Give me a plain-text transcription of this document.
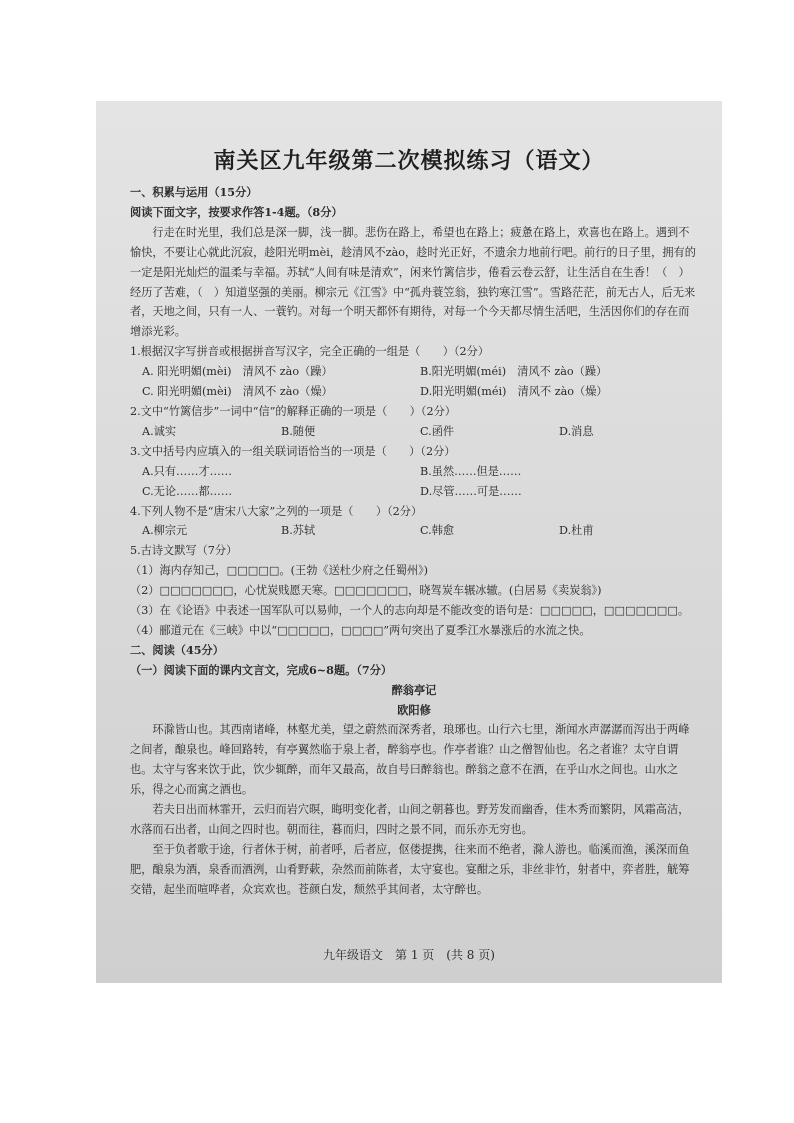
南关区九年级第二次模拟练习（语文）
一、积累与运用（15分）
阅读下面文字，按要求作答1-4题。（8分）
行走在时光里，我们总是深一脚，浅一脚。悲伤在路上，希望也在路上；疲惫在路上，欢喜也在路上。遇到不愉快，不要让心就此沉寂，趁阳光明mèi，趁清风不zào，趁时光正好，不遗余力地前行吧。前行的日子里，拥有的一定是阳光灿烂的温柔与幸福。苏轼“人间有味是清欢”，闲来竹篱信步，倦看云卷云舒，让生活自在生香！（　）经历了苦难，（　）知道坚强的美丽。柳宗元《江雪》中“孤舟蓑笠翁，独钓寒江雪”。雪路茫茫，前无古人，后无来者，天地之间，只有一人、一蓑钓。对每一个明天都怀有期待，对每一个今天都尽情生活吧，生活因你们的存在而增添光彩。
1.根据汉字写拼音或根据拼音写汉字，完全正确的一组是（　　）（2分）
A. 阳光明媚(mèi)　清风不 zào（躁）	B.阳光明媚(méi)　清风不 zào（躁）
C. 阳光明媚(mèi)　清风不 zào（燥）	D.阳光明媚(méi)　清风不 zào（燥）
2.文中“竹篱信步”一词中“信”的解释正确的一项是（　　）（2分）
A.诚实	B.随便	C.函件	D.消息
3.文中括号内应填入的一组关联词语恰当的一项是（　　）（2分）
A.只有……才……	B.虽然……但是……
C.无论……都……	D.尽管……可是……
4.下列人物不是“唐宋八大家”之列的一项是（　　）（2分）
A.柳宗元	B.苏轼	C.韩愈	D.杜甫
5.古诗文默写（7分）
（1）海内存知己，□□□□□。(王勃《送杜少府之任蜀州》)
（2）□□□□□□□，心忧炭贱愿天寒。□□□□□□□，晓驾炭车辗冰辙。(白居易《卖炭翁》)
（3）在《论语》中表述一国军队可以易帅，一个人的志向却是不能改变的语句是：□□□□□，□□□□□□□。
（4）郦道元在《三峡》中以“□□□□□，□□□□”两句突出了夏季江水暴涨后的水流之快。
二、阅读（45分）
（一）阅读下面的课内文言文，完成6~8题。（7分）
醉翁亭记
欧阳修
环滁皆山也。其西南诸峰，林壑尤美，望之蔚然而深秀者，琅琊也。山行六七里，渐闻水声潺潺而泻出于两峰之间者，酿泉也。峰回路转，有亭翼然临于泉上者，醉翁亭也。作亭者谁？山之僧智仙也。名之者谁？太守自谓也。太守与客来饮于此，饮少辄醉，而年又最高，故自号曰醉翁也。醉翁之意不在酒，在乎山水之间也。山水之乐，得之心而寓之酒也。
若夫日出而林霏开，云归而岩穴暝，晦明变化者，山间之朝暮也。野芳发而幽香，佳木秀而繁阴，风霜高洁，水落而石出者，山间之四时也。朝而往，暮而归，四时之景不同，而乐亦无穷也。
至于负者歌于途，行者休于树，前者呼，后者应，伛偻提携，往来而不绝者，滁人游也。临溪而渔，溪深而鱼肥，酿泉为酒，泉香而酒洌，山肴野蔌，杂然而前陈者，太守宴也。宴酣之乐，非丝非竹，射者中，弈者胜，觥筹交错，起坐而喧哗者，众宾欢也。苍颜白发，颓然乎其间者，太守醉也。
九年级语文　第 1 页　(共 8 页)
